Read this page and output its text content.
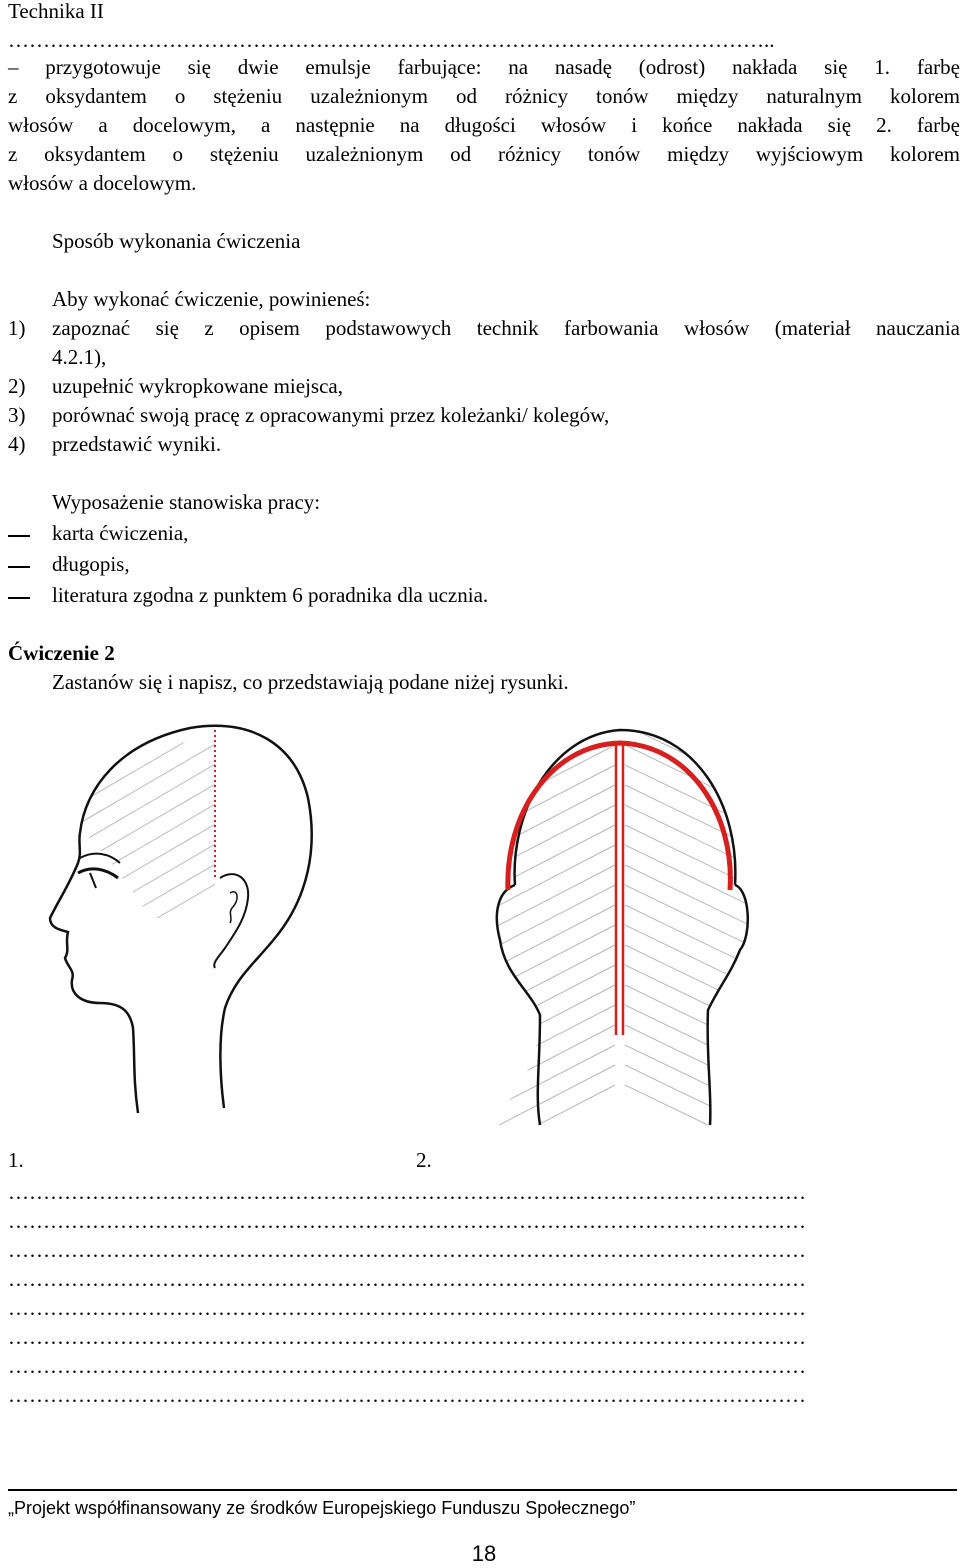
Technika II
………………………………………………………………………………………………..
– przygotowuje się dwie emulsje farbujące: na nasadę (odrost) nakłada się 1. farbę
z oksydantem o stężeniu uzależnionym od różnicy tonów między naturalnym kolorem
włosów a docelowym, a następnie na długości włosów i końce nakłada się 2. farbę
z oksydantem o stężeniu uzależnionym od różnicy tonów między wyjściowym kolorem
włosów a docelowym.
Sposób wykonania ćwiczenia
Aby wykonać ćwiczenie, powinieneś:
1) zapoznać się z opisem podstawowych technik farbowania włosów (materiał nauczania
4.2.1),
2) uzupełnić wykropkowane miejsca,
3) porównać swoją pracę z opracowanymi przez koleżanki/ kolegów,
4) przedstawić wyniki.
Wyposażenie stanowiska pracy:
karta ćwiczenia,
długopis,
literatura zgodna z punktem 6 poradnika dla ucznia.
Ćwiczenie 2
Zastanów się i napisz, co przedstawiają podane niżej rysunki.
1.	2.
……………………………………………………………………………………………………
……………………………………………………………………………………………………
……………………………………………………………………………………………………
……………………………………………………………………………………………………
……………………………………………………………………………………………………
……………………………………………………………………………………………………
……………………………………………………………………………………………………
……………………………………………………………………………………………………
„Projekt współfinansowany ze środków Europejskiego Funduszu Społecznego”
18
